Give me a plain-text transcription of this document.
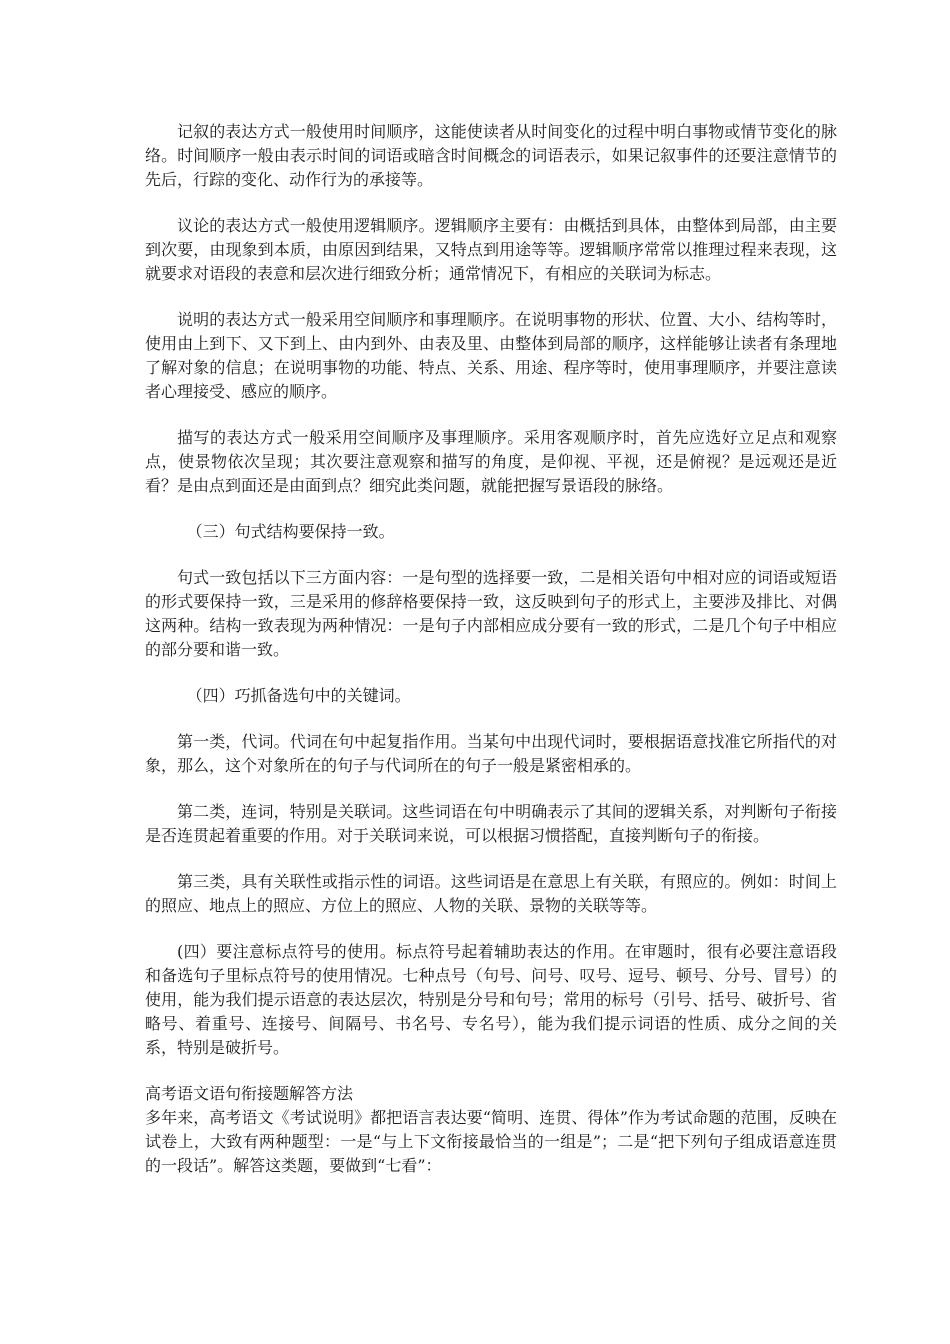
记叙的表达方式一般使用时间顺序，这能使读者从时间变化的过程中明白事物或情节变化的脉络。时间顺序一般由表示时间的词语或暗含时间概念的词语表示，如果记叙事件的还要注意情节的先后，行踪的变化、动作行为的承接等。

议论的表达方式一般使用逻辑顺序。逻辑顺序主要有：由概括到具体，由整体到局部，由主要到次要，由现象到本质，由原因到结果，又特点到用途等等。逻辑顺序常常以推理过程来表现，这就要求对语段的表意和层次进行细致分析；通常情况下，有相应的关联词为标志。

说明的表达方式一般采用空间顺序和事理顺序。在说明事物的形状、位置、大小、结构等时，使用由上到下、又下到上、由内到外、由表及里、由整体到局部的顺序，这样能够让读者有条理地了解对象的信息；在说明事物的功能、特点、关系、用途、程序等时，使用事理顺序，并要注意读者心理接受、感应的顺序。

描写的表达方式一般采用空间顺序及事理顺序。采用客观顺序时，首先应选好立足点和观察点，使景物依次呈现；其次要注意观察和描写的角度，是仰视、平视，还是俯视？是远观还是近看？是由点到面还是由面到点？细究此类问题，就能把握写景语段的脉络。

（三）句式结构要保持一致。

句式一致包括以下三方面内容：一是句型的选择要一致，二是相关语句中相对应的词语或短语的形式要保持一致，三是采用的修辞格要保持一致，这反映到句子的形式上，主要涉及排比、对偶这两种。结构一致表现为两种情况：一是句子内部相应成分要有一致的形式，二是几个句子中相应的部分要和谐一致。

（四）巧抓备选句中的关键词。

第一类，代词。代词在句中起复指作用。当某句中出现代词时，要根据语意找准它所指代的对象，那么，这个对象所在的句子与代词所在的句子一般是紧密相承的。

第二类，连词，特别是关联词。这些词语在句中明确表示了其间的逻辑关系，对判断句子衔接是否连贯起着重要的作用。对于关联词来说，可以根据习惯搭配，直接判断句子的衔接。

第三类，具有关联性或指示性的词语。这些词语是在意思上有关联，有照应的。例如：时间上的照应、地点上的照应、方位上的照应、人物的关联、景物的关联等等。

(四）要注意标点符号的使用。标点符号起着辅助表达的作用。在审题时，很有必要注意语段和备选句子里标点符号的使用情况。七种点号（句号、问号、叹号、逗号、顿号、分号、冒号）的使用，能为我们提示语意的表达层次，特别是分号和句号；常用的标号（引号、括号、破折号、省略号、着重号、连接号、间隔号、书名号、专名号），能为我们提示词语的性质、成分之间的关系，特别是破折号。

高考语文语句衔接题解答方法

多年来，高考语文《考试说明》都把语言表达要“简明、连贯、得体”作为考试命题的范围，反映在试卷上，大致有两种题型：一是“与上下文衔接最恰当的一组是”；二是“把下列句子组成语意连贯的一段话”。解答这类题，要做到“七看”：
